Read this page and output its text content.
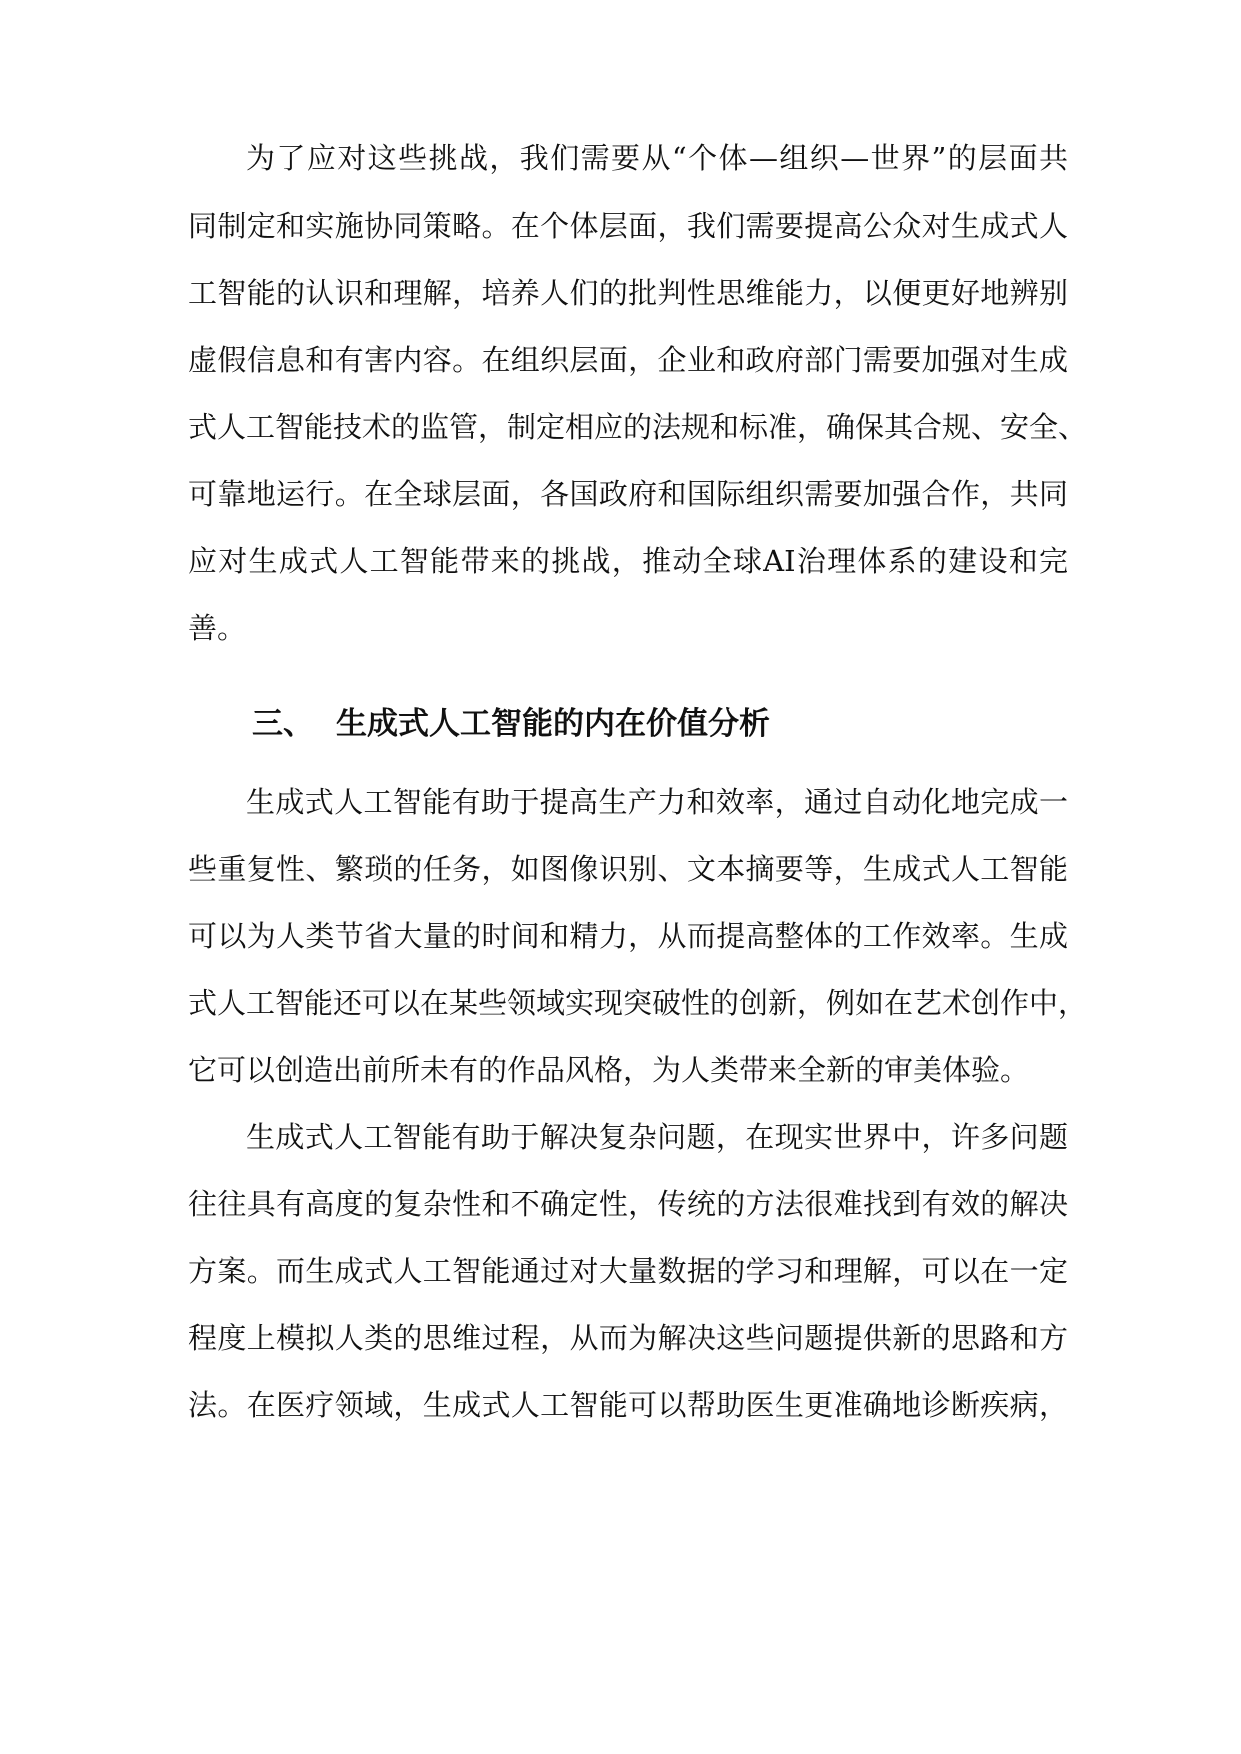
为了应对这些挑战，我们需要从“个体—组织—世界”的层面共
同制定和实施协同策略。在个体层面，我们需要提高公众对生成式人
工智能的认识和理解，培养人们的批判性思维能力，以便更好地辨别
虚假信息和有害内容。在组织层面，企业和政府部门需要加强对生成
式人工智能技术的监管，制定相应的法规和标准，确保其合规、安全、
可靠地运行。在全球层面，各国政府和国际组织需要加强合作，共同
应对生成式人工智能带来的挑战，推动全球AI治理体系的建设和完
善。
三、 生成式人工智能的内在价值分析
生成式人工智能有助于提高生产力和效率，通过自动化地完成一
些重复性、繁琐的任务，如图像识别、文本摘要等，生成式人工智能
可以为人类节省大量的时间和精力，从而提高整体的工作效率。生成
式人工智能还可以在某些领域实现突破性的创新，例如在艺术创作中，
它可以创造出前所未有的作品风格，为人类带来全新的审美体验。
生成式人工智能有助于解决复杂问题，在现实世界中，许多问题
往往具有高度的复杂性和不确定性，传统的方法很难找到有效的解决
方案。而生成式人工智能通过对大量数据的学习和理解，可以在一定
程度上模拟人类的思维过程，从而为解决这些问题提供新的思路和方
法。在医疗领域，生成式人工智能可以帮助医生更准确地诊断疾病，
